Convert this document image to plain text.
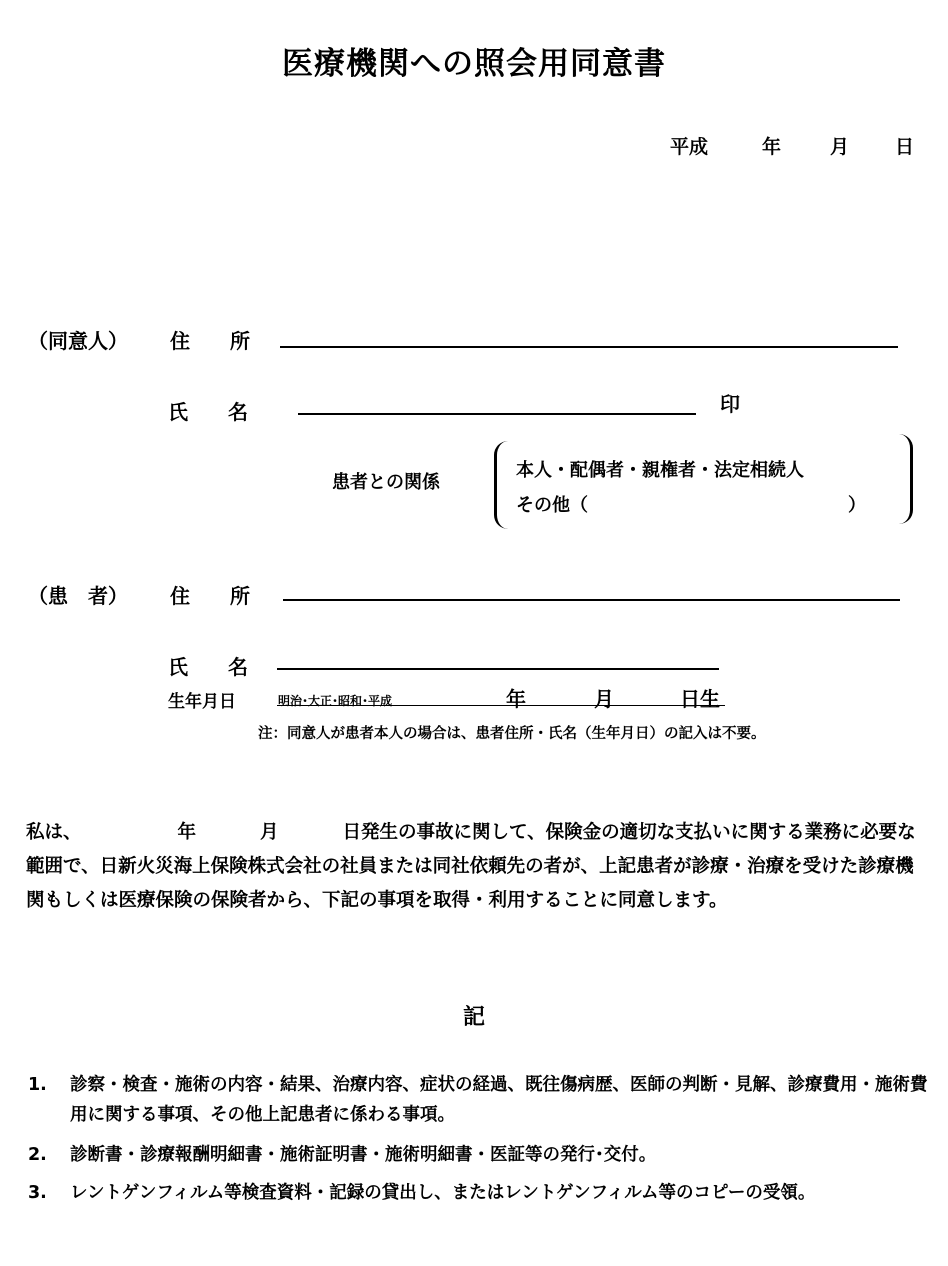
医療機関への照会用同意書
平成	年	月 日
（同意人） 住　所
氏　名	印
患者との関係
本人・配偶者・親権者・法定相続人
その他（	）
（患　者） 住　所
氏　名
生年月日	明治･大正･昭和･平成	年	月	日生
注：同意人が患者本人の場合は、患者住所・氏名（生年月日）の記入は不要。
私は、	年	月	日発生の事故に関して、保険金の適切な支払いに関する業務に必要な範囲で、日新火災海上保険株式会社の社員または同社依頼先の者が、上記患者が診療・治療を受けた診療機関もしくは医療保険の保険者から、下記の事項を取得・利用することに同意します。
記
1. 診察・検査・施術の内容・結果、治療内容、症状の経過、既往傷病歴、医師の判断・見解、診療費用・施術費用に関する事項、その他上記患者に係わる事項。
2. 診断書・診療報酬明細書・施術証明書・施術明細書・医証等の発行･交付。
3. レントゲンフィルム等検査資料・記録の貸出し、またはレントゲンフィルム等のコピーの受領。
